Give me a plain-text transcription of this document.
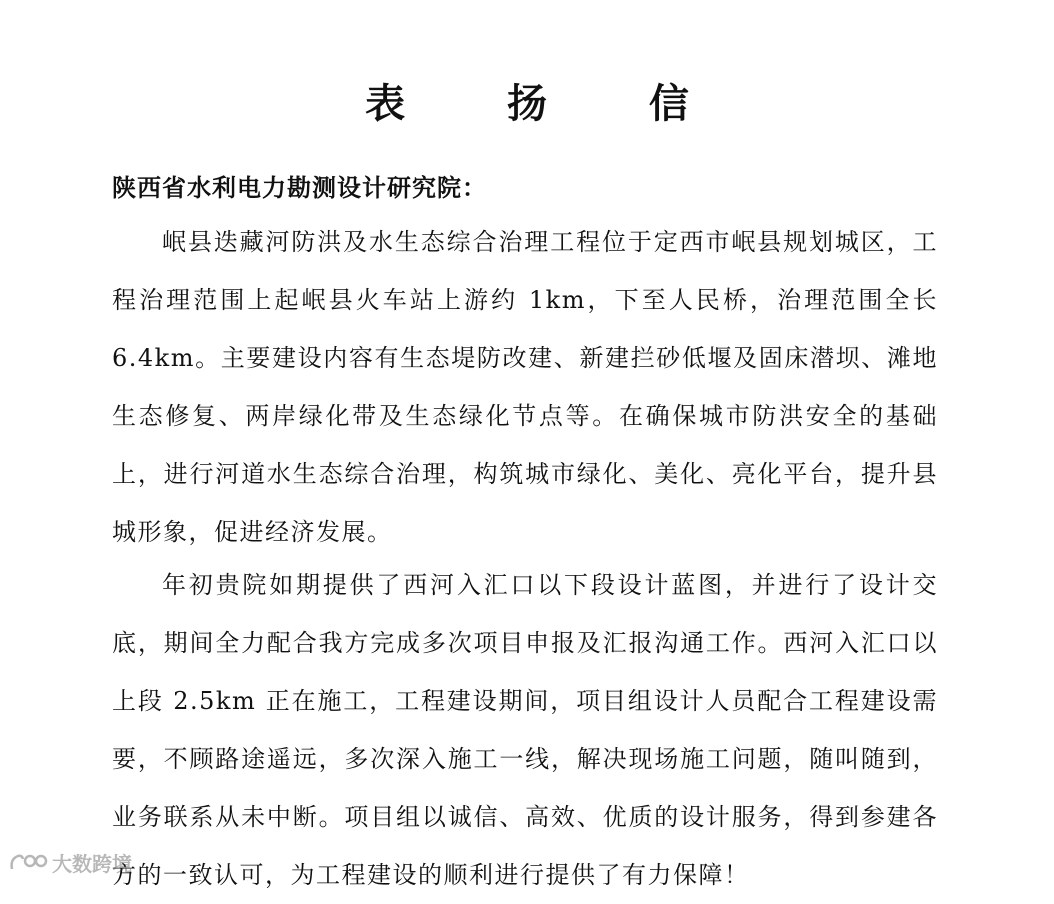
表 扬 信
陕西省水利电力勘测设计研究院：

岷县迭藏河防洪及水生态综合治理工程位于定西市岷县规划城区，工程治理范围上起岷县火车站上游约 1km，下至人民桥，治理范围全长 6.4km。主要建设内容有生态堤防改建、新建拦砂低堰及固床潜坝、滩地生态修复、两岸绿化带及生态绿化节点等。在确保城市防洪安全的基础上，进行河道水生态综合治理，构筑城市绿化、美化、亮化平台，提升县城形象，促进经济发展。

年初贵院如期提供了西河入汇口以下段设计蓝图，并进行了设计交底，期间全力配合我方完成多次项目申报及汇报沟通工作。西河入汇口以上段 2.5km 正在施工，工程建设期间，项目组设计人员配合工程建设需要，不顾路途遥远，多次深入施工一线，解决现场施工问题，随叫随到，业务联系从未中断。项目组以诚信、高效、优质的设计服务，得到参建各方的一致认可，为工程建设的顺利进行提供了有力保障！

大数跨境
